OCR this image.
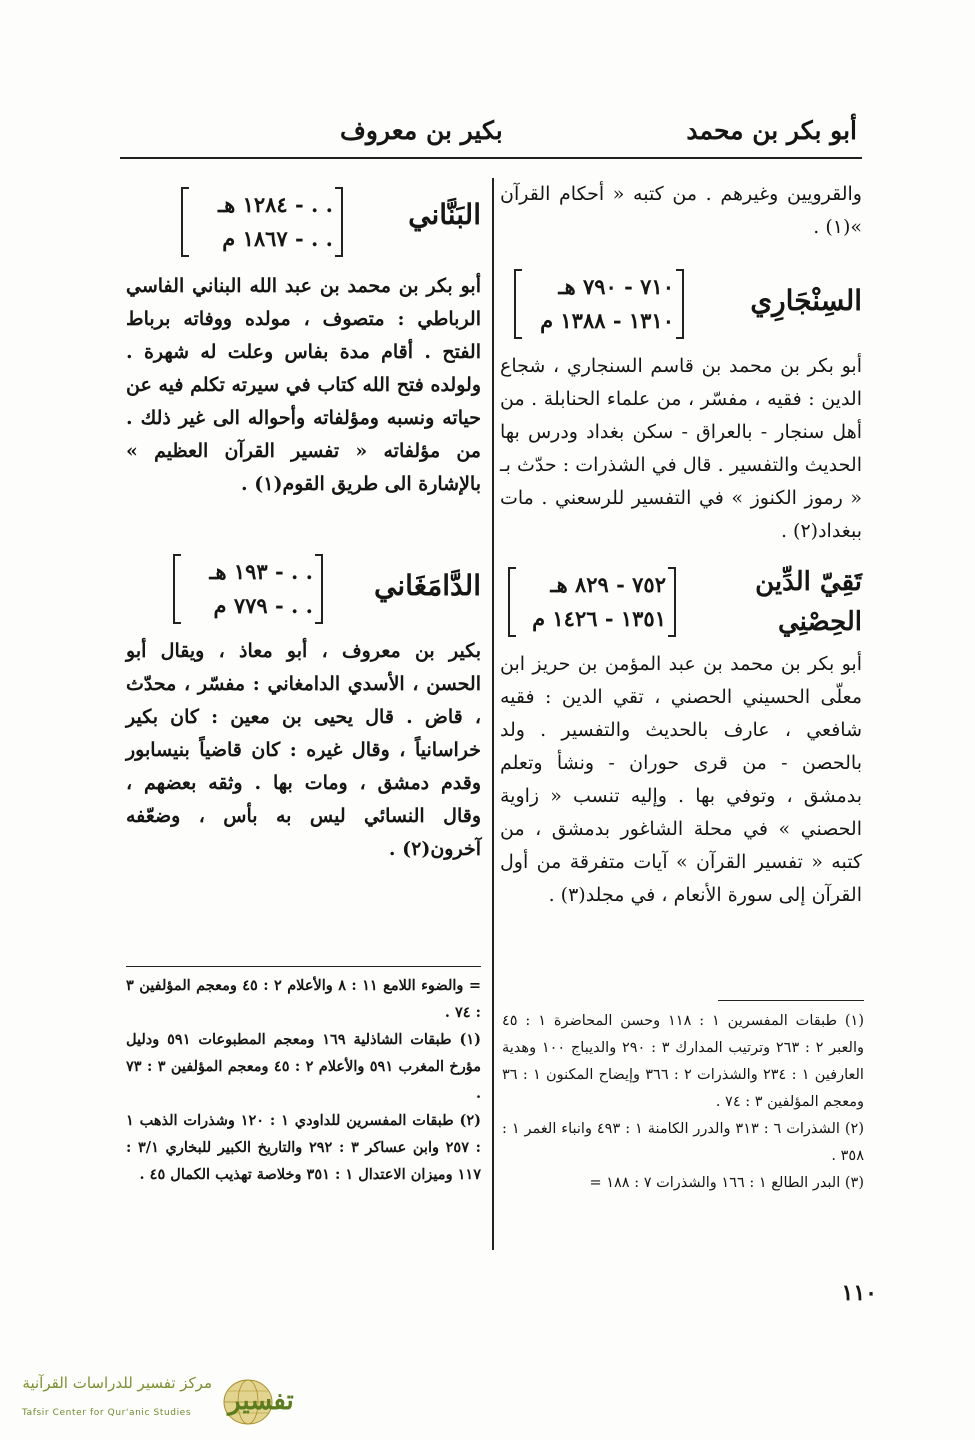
أبو بكر بن محمد
بكير بن معروف

والقرويين وغيرهم . من كتبه « أحكام القرآن »(١) .

السِنْجَارِي
٧١٠ - ٧٩٠ هـ
١٣١٠ - ١٣٨٨ م

أبو بكر بن محمد بن قاسم السنجاري ، شجاع الدين : فقيه ، مفسّر ، من علماء الحنابلة . من أهل سنجار - بالعراق - سكن بغداد ودرس بها الحديث والتفسير . قال في الشذرات : حدّث بـ « رموز الكنوز » في التفسير للرسعني . مات ببغداد(٢) .

تَقِيّ الدِّين
الحِصْنِي
٧٥٢ - ٨٢٩ هـ
١٣٥١ - ١٤٢٦ م

أبو بكر بن محمد بن عبد المؤمن بن حريز ابن معلّى الحسيني الحصني ، تقي الدين : فقيه شافعي ، عارف بالحديث والتفسير . ولد بالحصن - من قرى حوران - ونشأ وتعلم بدمشق ، وتوفي بها . وإليه تنسب « زاوية الحصني » في محلة الشاغور بدمشق ، من كتبه « تفسير القرآن » آيات متفرقة من أول القرآن إلى سورة الأنعام ، في مجلد(٣) .

(١) طبقات المفسرين ١ : ١١٨ وحسن المحاضرة ١ : ٤٥ والعبر ٢ : ٢٦٣ وترتيب المدارك ٣ : ٢٩٠ والديباج ١٠٠ وهدية العارفين ١ : ٢٣٤ والشذرات ٢ : ٣٦٦ وإيضاح المكنون ١ : ٣٦ ومعجم المؤلفين ٣ : ٧٤ .

(٢) الشذرات ٦ : ٣١٣ والدرر الكامنة ١ : ٤٩٣ وانباء الغمر ١ : ٣٥٨ .

(٣) البدر الطالع ١ : ١٦٦ والشذرات ٧ : ١٨٨ =

البَنَّاني
. . - ١٢٨٤ هـ
. . - ١٨٦٧ م

أبو بكر بن محمد بن عبد الله البناني الفاسي الرباطي : متصوف ، مولده ووفاته برباط الفتح . أقام مدة بفاس وعلت له شهرة . ولولده فتح الله كتاب في سيرته تكلم فيه عن حياته ونسبه ومؤلفاته وأحواله الى غير ذلك . من مؤلفاته « تفسير القرآن العظيم » بالإشارة الى طريق القوم(١) .

الدَّامَغَاني
. . - ١٩٣ هـ
. . - ٧٧٩ م

بكير بن معروف ، أبو معاذ ، ويقال أبو الحسن ، الأسدي الدامغاني : مفسّر ، محدّث ، قاض . قال يحيى بن معين : كان بكير خراسانياً ، وقال غيره : كان قاضياً بنيسابور وقدم دمشق ، ومات بها . وثقه بعضهم ، وقال النسائي ليس به بأس ، وضعّفه آخرون(٢) .

= والضوء اللامع ١١ : ٨ والأعلام ٢ : ٤٥ ومعجم المؤلفين ٣ : ٧٤ .

(١) طبقات الشاذلية ١٦٩ ومعجم المطبوعات ٥٩١ ودليل مؤرخ المغرب ٥٩١ والأعلام ٢ : ٤٥ ومعجم المؤلفين ٣ : ٧٣ .

(٢) طبقات المفسرين للداودي ١ : ١٢٠ وشذرات الذهب ١ : ٢٥٧ وابن عساكر ٣ : ٢٩٢ والتاريخ الكبير للبخاري ٣/١ : ١١٧ وميزان الاعتدال ١ : ٣٥١ وخلاصة تهذيب الكمال ٤٥ .

١١٠
تفسير
مركز تفسير للدراسات القرآنية
Tafsir Center for Qur'anic Studies
